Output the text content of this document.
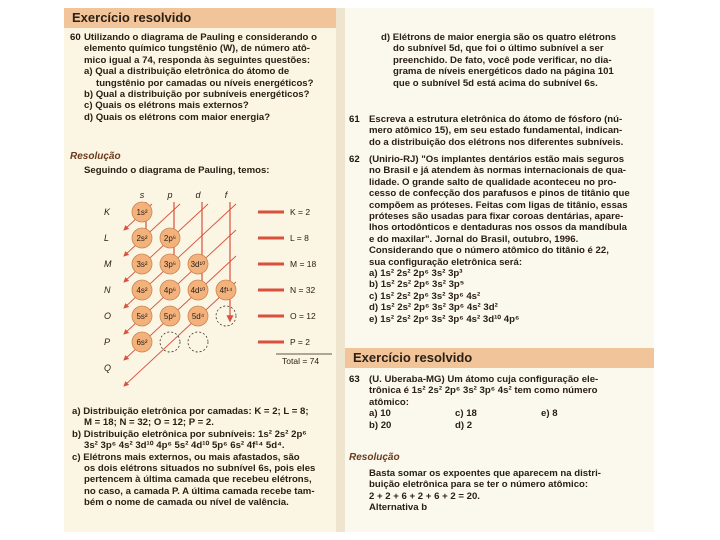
Exercício resolvido
60 Utilizando o diagrama de Pauling e considerando o
elemento químico tungstênio (W), de número atô-
mico igual a 74, responda às seguintes questões:
a) Qual a distribuição eletrônica do átomo de
tungstênio por camadas ou níveis energéticos?
b) Qual a distribuição por subníveis energéticos?
c) Quais os elétrons mais externos?
d) Quais os elétrons com maior energia?
Resolução
Seguindo o diagrama de Pauling, temos:
s	p	d	f
K	1s²
L	2s² 2p⁶
M	3s² 3p⁶ 3d¹⁰
N	4s² 4p⁶ 4d¹⁰ 4f¹⁴
O	5s² 5p⁶ 5d⁴
P	6s²
Q
K = 2
L = 8
M = 18
N = 32
O = 12
P = 2
Total = 74
a) Distribuição eletrônica por camadas: K = 2; L = 8;
M = 18; N = 32; O = 12; P = 2.
b) Distribuição eletrônica por subníveis: 1s² 2s² 2p⁶
3s² 3p⁶ 4s² 3d¹⁰ 4p⁶ 5s² 4d¹⁰ 5p⁶ 6s² 4f¹⁴ 5d⁴.
c) Elétrons mais externos, ou mais afastados, são
os dois elétrons situados no subnível 6s, pois eles
pertencem à última camada que recebeu elétrons,
no caso, a camada P. A última camada recebe tam-
bém o nome de camada ou nível de valência.
d) Elétrons de maior energia são os quatro elétrons
do subnível 5d, que foi o último subnível a ser
preenchido. De fato, você pode verificar, no dia-
grama de níveis energéticos dado na página 101
que o subnível 5d está acima do subnível 6s.
61 Escreva a estrutura eletrônica do átomo de fósforo (nú-
mero atômico 15), em seu estado fundamental, indican-
do a distribuição dos elétrons nos diferentes subníveis.
62 (Unirio-RJ) "Os implantes dentários estão mais seguros
no Brasil e já atendem às normas internacionais de qua-
lidade. O grande salto de qualidade aconteceu no pro-
cesso de confecção dos parafusos e pinos de titânio que
compõem as próteses. Feitas com ligas de titânio, essas
próteses são usadas para fixar coroas dentárias, apare-
lhos ortodônticos e dentaduras nos ossos da mandíbula
e do maxilar". Jornal do Brasil, outubro, 1996.
Considerando que o número atômico do titânio é 22,
sua configuração eletrônica será:
a) 1s² 2s² 2p⁶ 3s² 3p³
b) 1s² 2s² 2p⁶ 3s² 3p⁵
c) 1s² 2s² 2p⁶ 3s² 3p⁶ 4s²
d) 1s² 2s² 2p⁶ 3s² 3p⁶ 4s² 3d²
e) 1s² 2s² 2p⁶ 3s² 3p⁶ 4s² 3d¹⁰ 4p⁶
Exercício resolvido
63 (U. Uberaba-MG) Um átomo cuja configuração ele-
trônica é 1s² 2s² 2p⁶ 3s² 3p⁶ 4s² tem como número
atômico:
a) 10	c) 18	e) 8
b) 20	d) 2
Resolução
Basta somar os expoentes que aparecem na distri-
buição eletrônica para se ter o número atômico:
2 + 2 + 6 + 2 + 6 + 2 = 20.
Alternativa b
